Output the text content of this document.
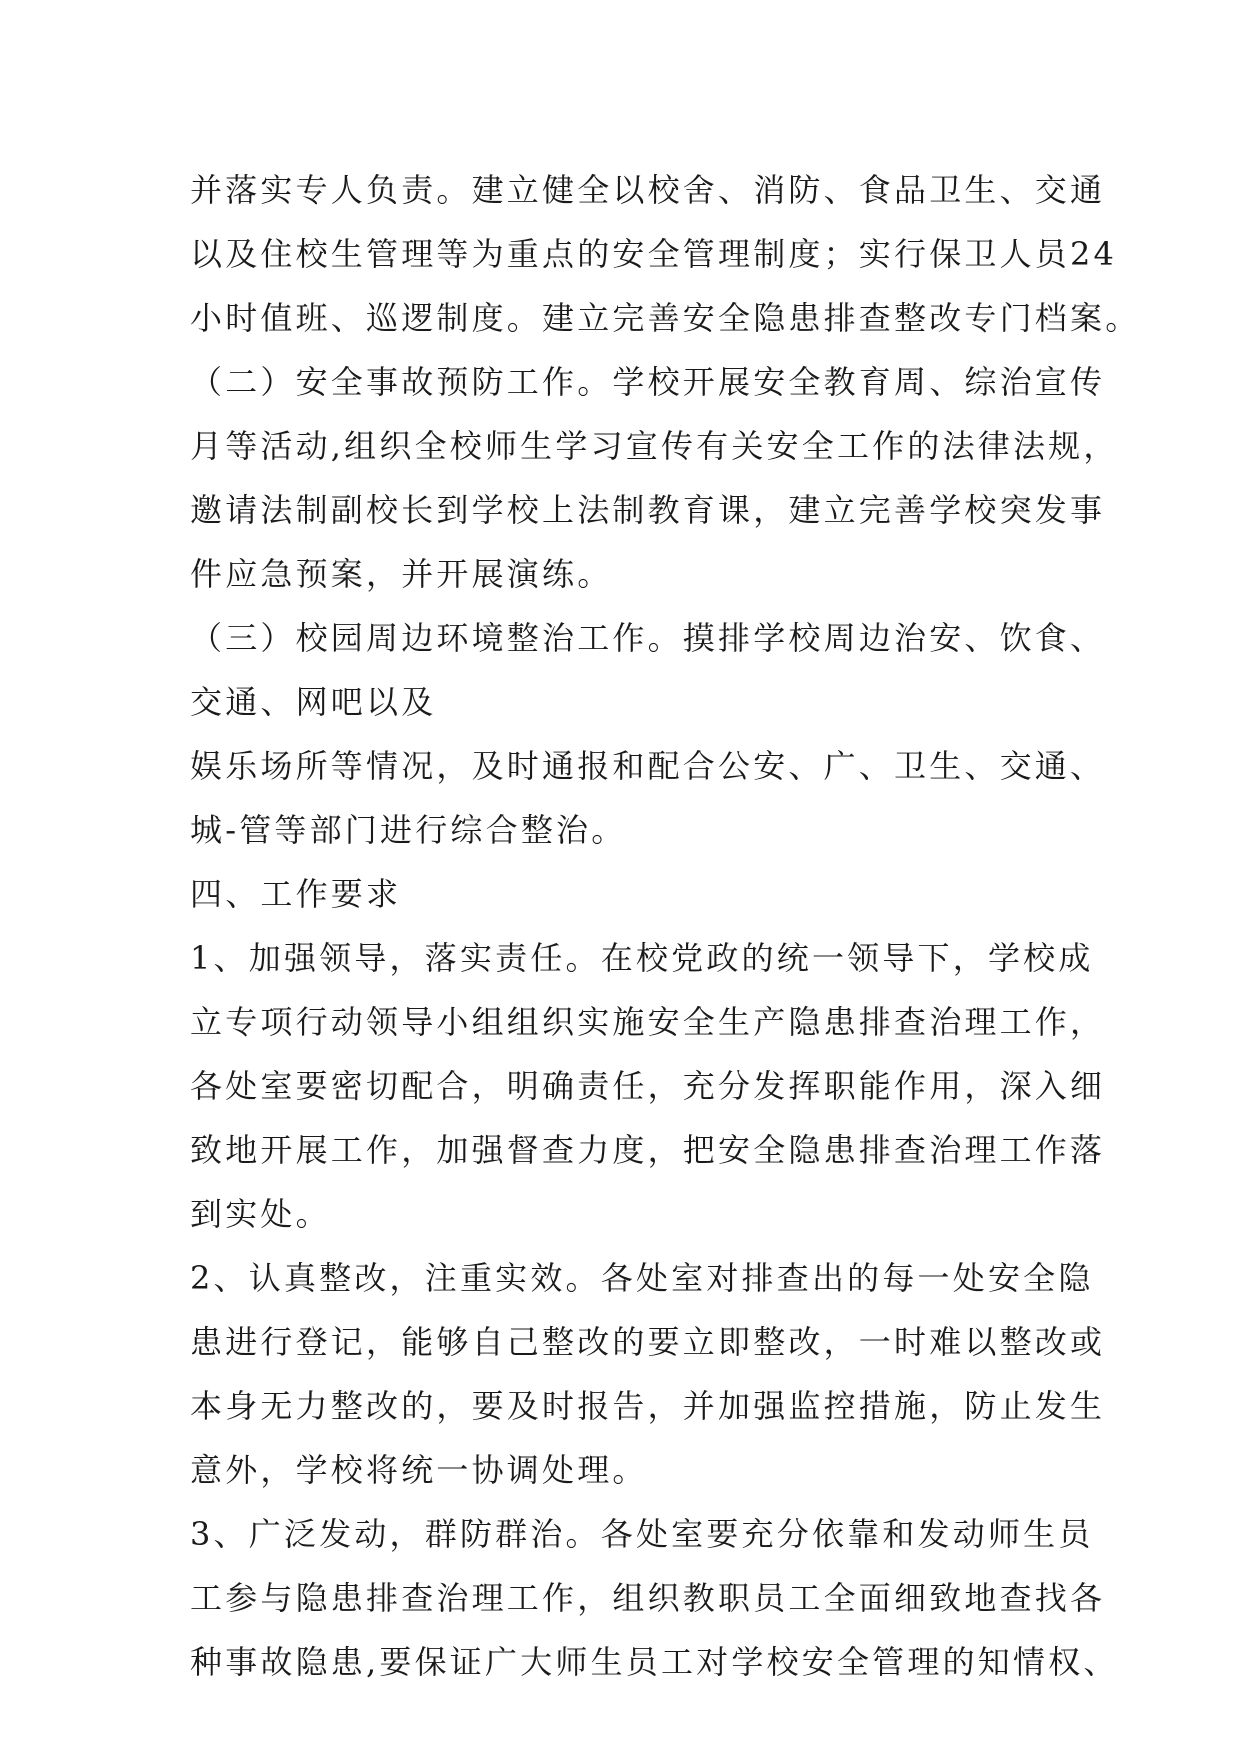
并落实专人负责。建立健全以校舍、消防、食品卫生、交通
以及住校生管理等为重点的安全管理制度；实行保卫人员24
小时值班、巡逻制度。建立完善安全隐患排查整改专门档案。
（二）安全事故预防工作。学校开展安全教育周、综治宣传
月等活动,组织全校师生学习宣传有关安全工作的法律法规，
邀请法制副校长到学校上法制教育课，建立完善学校突发事
件应急预案，并开展演练。
（三）校园周边环境整治工作。摸排学校周边治安、饮食、
交通、网吧以及
娱乐场所等情况，及时通报和配合公安、广、卫生、交通、
城-管等部门进行综合整治。
四、工作要求
1、加强领导，落实责任。在校党政的统一领导下，学校成
立专项行动领导小组组织实施安全生产隐患排查治理工作，
各处室要密切配合，明确责任，充分发挥职能作用，深入细
致地开展工作，加强督查力度，把安全隐患排查治理工作落
到实处。
2、认真整改，注重实效。各处室对排查出的每一处安全隐
患进行登记，能够自己整改的要立即整改，一时难以整改或
本身无力整改的，要及时报告，并加强监控措施，防止发生
意外，学校将统一协调处理。
3、广泛发动，群防群治。各处室要充分依靠和发动师生员
工参与隐患排查治理工作，组织教职员工全面细致地查找各
种事故隐患,要保证广大师生员工对学校安全管理的知情权、
